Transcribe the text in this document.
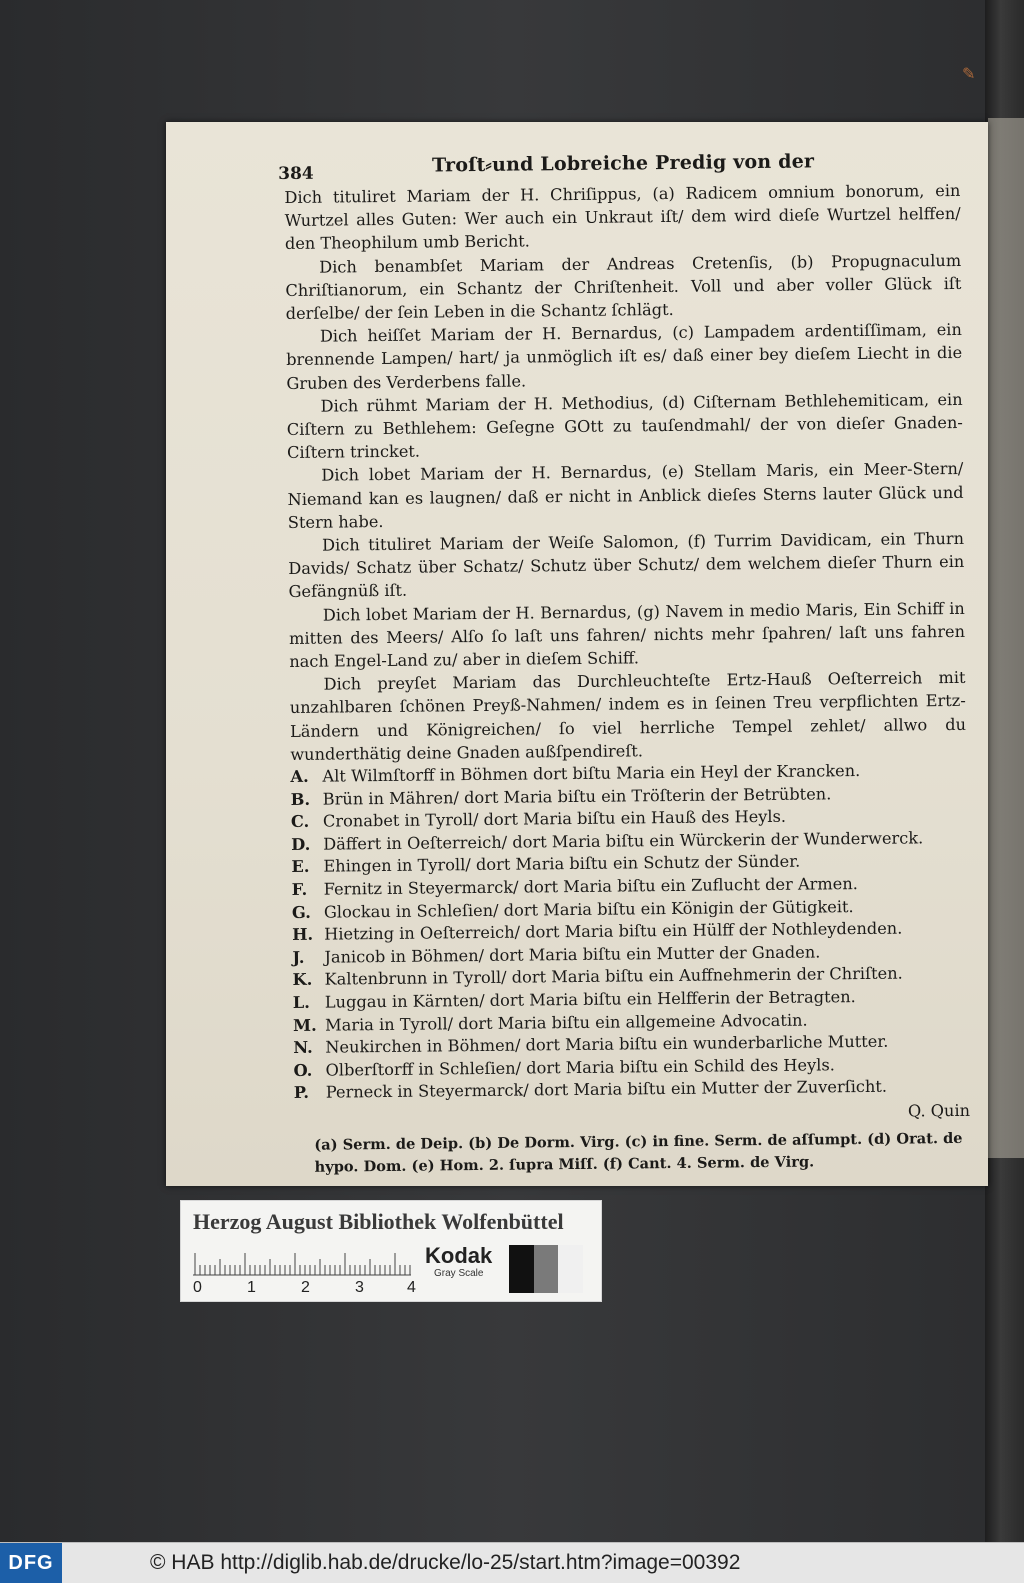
✎
384	Troſt⸗und Lobreiche Predig von der

Dich tituliret Mariam der H. Chriſippus, (a) Radicem omnium bonorum, ein Wurtzel alles Guten: Wer auch ein Unkraut iſt/ dem wird dieſe Wurtzel helffen/ den Theophilum umb Bericht.

Dich benambſet Mariam der Andreas Cretenſis, (b) Propugnaculum Chriſtianorum, ein Schantz der Chriſtenheit. Voll und aber voller Glück iſt derſelbe/ der ſein Leben in die Schantz ſchlägt.

Dich heiſſet Mariam der H. Bernardus, (c) Lampadem ardentiſſimam, ein brennende Lampen/ hart/ ja unmöglich iſt es/ daß einer bey dieſem Liecht in die Gruben des Verderbens falle.

Dich rühmt Mariam der H. Methodius, (d) Ciſternam Bethlehemiticam, ein Ciſtern zu Bethlehem: Geſegne GOtt zu tauſendmahl/ der von dieſer Gnaden-Ciſtern trincket.

Dich lobet Mariam der H. Bernardus, (e) Stellam Maris, ein Meer-Stern/ Niemand kan es laugnen/ daß er nicht in Anblick dieſes Sterns lauter Glück und Stern habe.

Dich tituliret Mariam der Weiſe Salomon, (f) Turrim Davidicam, ein Thurn Davids/ Schatz über Schatz/ Schutz über Schutz/ dem welchem dieſer Thurn ein Gefängnüß iſt.

Dich lobet Mariam der H. Bernardus, (g) Navem in medio Maris, Ein Schiff in mitten des Meers/ Alſo ſo laſt uns fahren/ nichts mehr ſpahren/ laſt uns fahren nach Engel-Land zu/ aber in dieſem Schiff.

Dich preyſet Mariam das Durchleuchteſte Ertz-Hauß Oeſterreich mit unzahlbaren ſchönen Preyß-Nahmen/ indem es in ſeinen Treu verpflichten Ertz-Ländern und Königreichen/ ſo viel herrliche Tempel zehlet/ allwo du wunderthätig deine Gnaden außſpendireſt.

A. Alt Wilmſtorff in Böhmen dort biſtu Maria ein Heyl der Krancken.
B. Brün in Mähren/ dort Maria biſtu ein Tröſterin der Betrübten.
C. Cronabet in Tyroll/ dort Maria biſtu ein Hauß des Heyls.
D. Däffert in Oeſterreich/ dort Maria biſtu ein Würckerin der Wunderwerck.
E. Ehingen in Tyroll/ dort Maria biſtu ein Schutz der Sünder.
F. Fernitz in Steyermarck/ dort Maria biſtu ein Zuflucht der Armen.
G. Glockau in Schleſien/ dort Maria biſtu ein Königin der Gütigkeit.
H. Hietzing in Oeſterreich/ dort Maria biſtu ein Hülff der Nothleydenden.
J. Janicob in Böhmen/ dort Maria biſtu ein Mutter der Gnaden.
K. Kaltenbrunn in Tyroll/ dort Maria biſtu ein Auffnehmerin der Chriſten.
L. Luggau in Kärnten/ dort Maria biſtu ein Helfferin der Betragten.
M. Maria in Tyroll/ dort Maria biſtu ein allgemeine Advocatin.
N. Neukirchen in Böhmen/ dort Maria biſtu ein wunderbarliche Mutter.
O. Olberſtorff in Schleſien/ dort Maria biſtu ein Schild des Heyls.
P. Perneck in Steyermarck/ dort Maria biſtu ein Mutter der Zuverſicht.
Q. Quin
(a) Serm. de Deip. (b) De Dorm. Virg. (c) in fine. Serm. de aſſumpt. (d) Orat. de hypo. Dom. (e) Hom. 2. ſupra Miſſ. (f) Cant. 4. Serm. de Virg.
Herzog August Bibliothek Wolfenbüttel
0	1	2	3	4
Kodak
Gray Scale
DFG	© HAB http://diglib.hab.de/drucke/lo-25/start.htm?image=00392
